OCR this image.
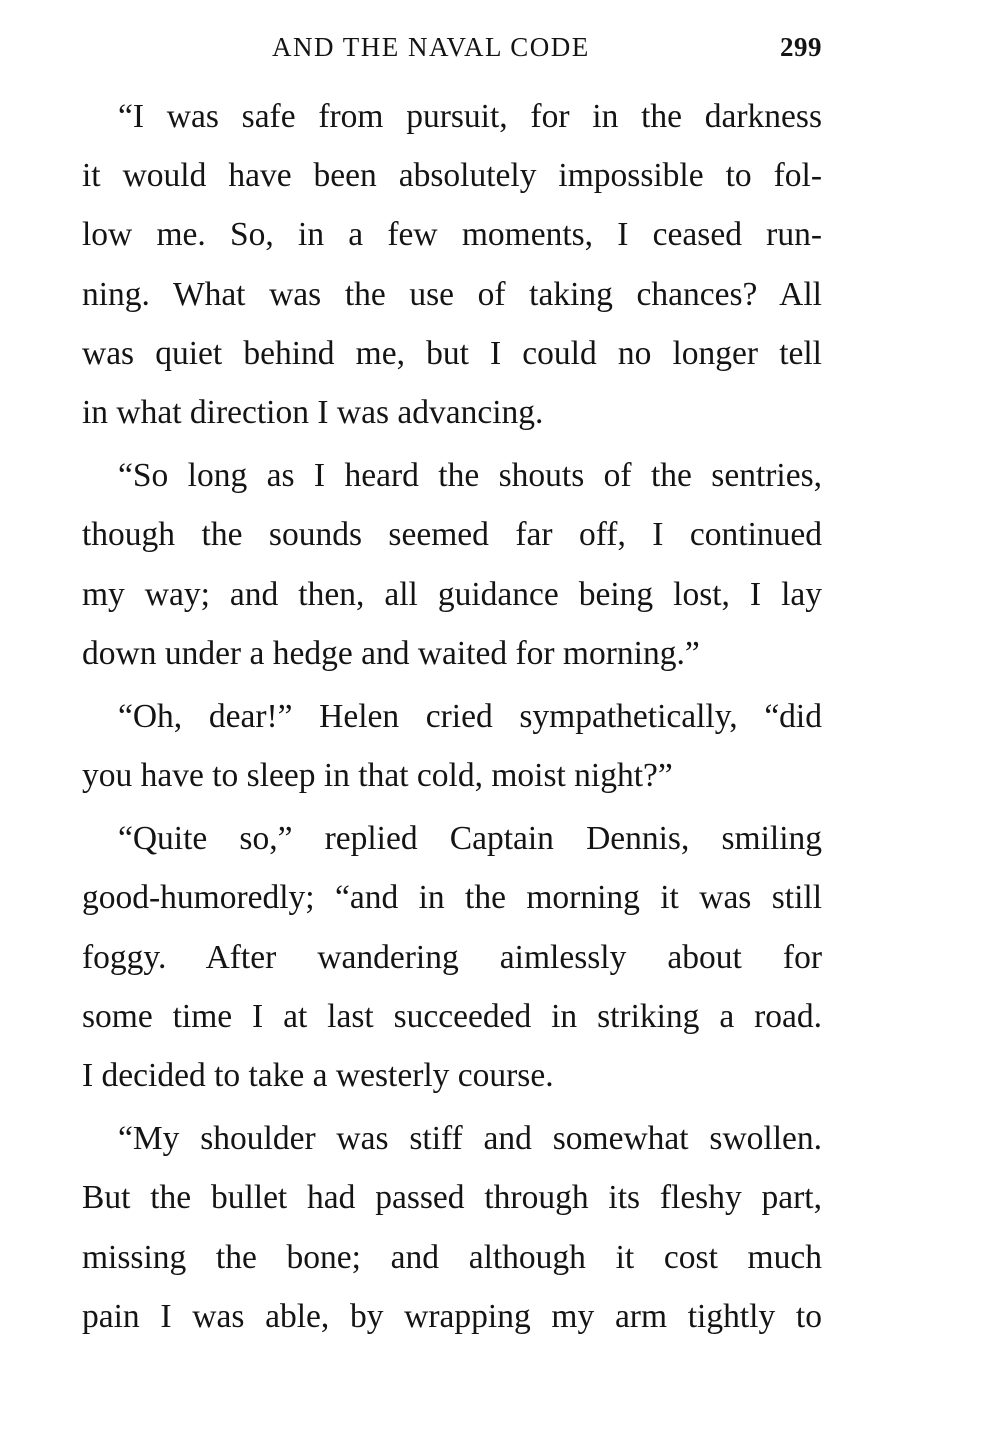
AND THE NAVAL CODE	299
“I was safe from pursuit, for in the darkness
it would have been absolutely impossible to fol-
low me. So, in a few moments, I ceased run-
ning. What was the use of taking chances? All
was quiet behind me, but I could no longer tell
in what direction I was advancing.
“So long as I heard the shouts of the sentries,
though the sounds seemed far off, I continued
my way; and then, all guidance being lost, I lay
down under a hedge and waited for morning.”
“Oh, dear!” Helen cried sympathetically, “did
you have to sleep in that cold, moist night?”
“Quite so,” replied Captain Dennis, smiling
good-humoredly; “and in the morning it was still
foggy. After wandering aimlessly about for
some time I at last succeeded in striking a road.
I decided to take a westerly course.
“My shoulder was stiff and somewhat swollen.
But the bullet had passed through its fleshy part,
missing the bone; and although it cost much
pain I was able, by wrapping my arm tightly to
